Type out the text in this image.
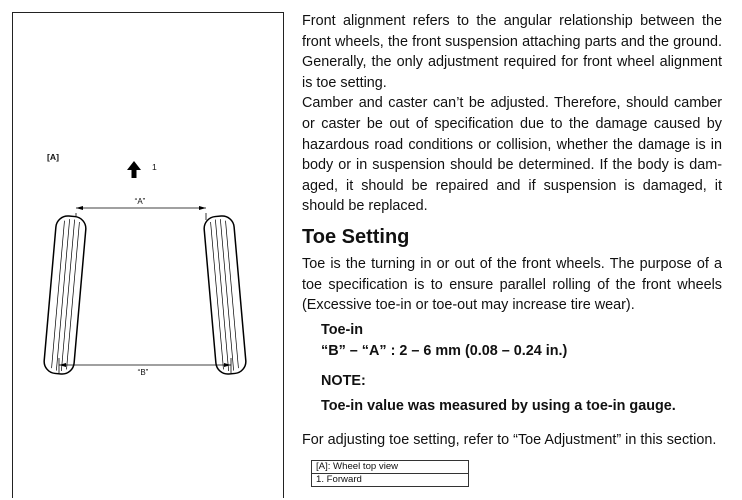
[A]
1
“A”
“B”

Front alignment refers to the angular relationship between the front wheels, the front suspension attaching parts and the ground. Generally, the only adjustment required for front wheel alignment is toe setting.

Camber and caster can’t be adjusted. Therefore, should camber or caster be out of specification due to the damage caused by hazardous road conditions or collision, whether the damage is in body or in suspension should be determined. If the body is damaged, it should be repaired and if suspension is damaged, it should be replaced.

Toe Setting

Toe is the turning in or out of the front wheels. The purpose of a toe specification is to ensure parallel rolling of the front wheels (Excessive toe-in or toe-out may increase tire wear).

Toe-in
“B” – “A” : 2 – 6 mm (0.08 – 0.24 in.)
NOTE:
Toe-in value was measured by using a toe-in gauge.

For adjusting toe setting, refer to “Toe Adjustment” in this section.

[A]: Wheel top view
1. Forward
